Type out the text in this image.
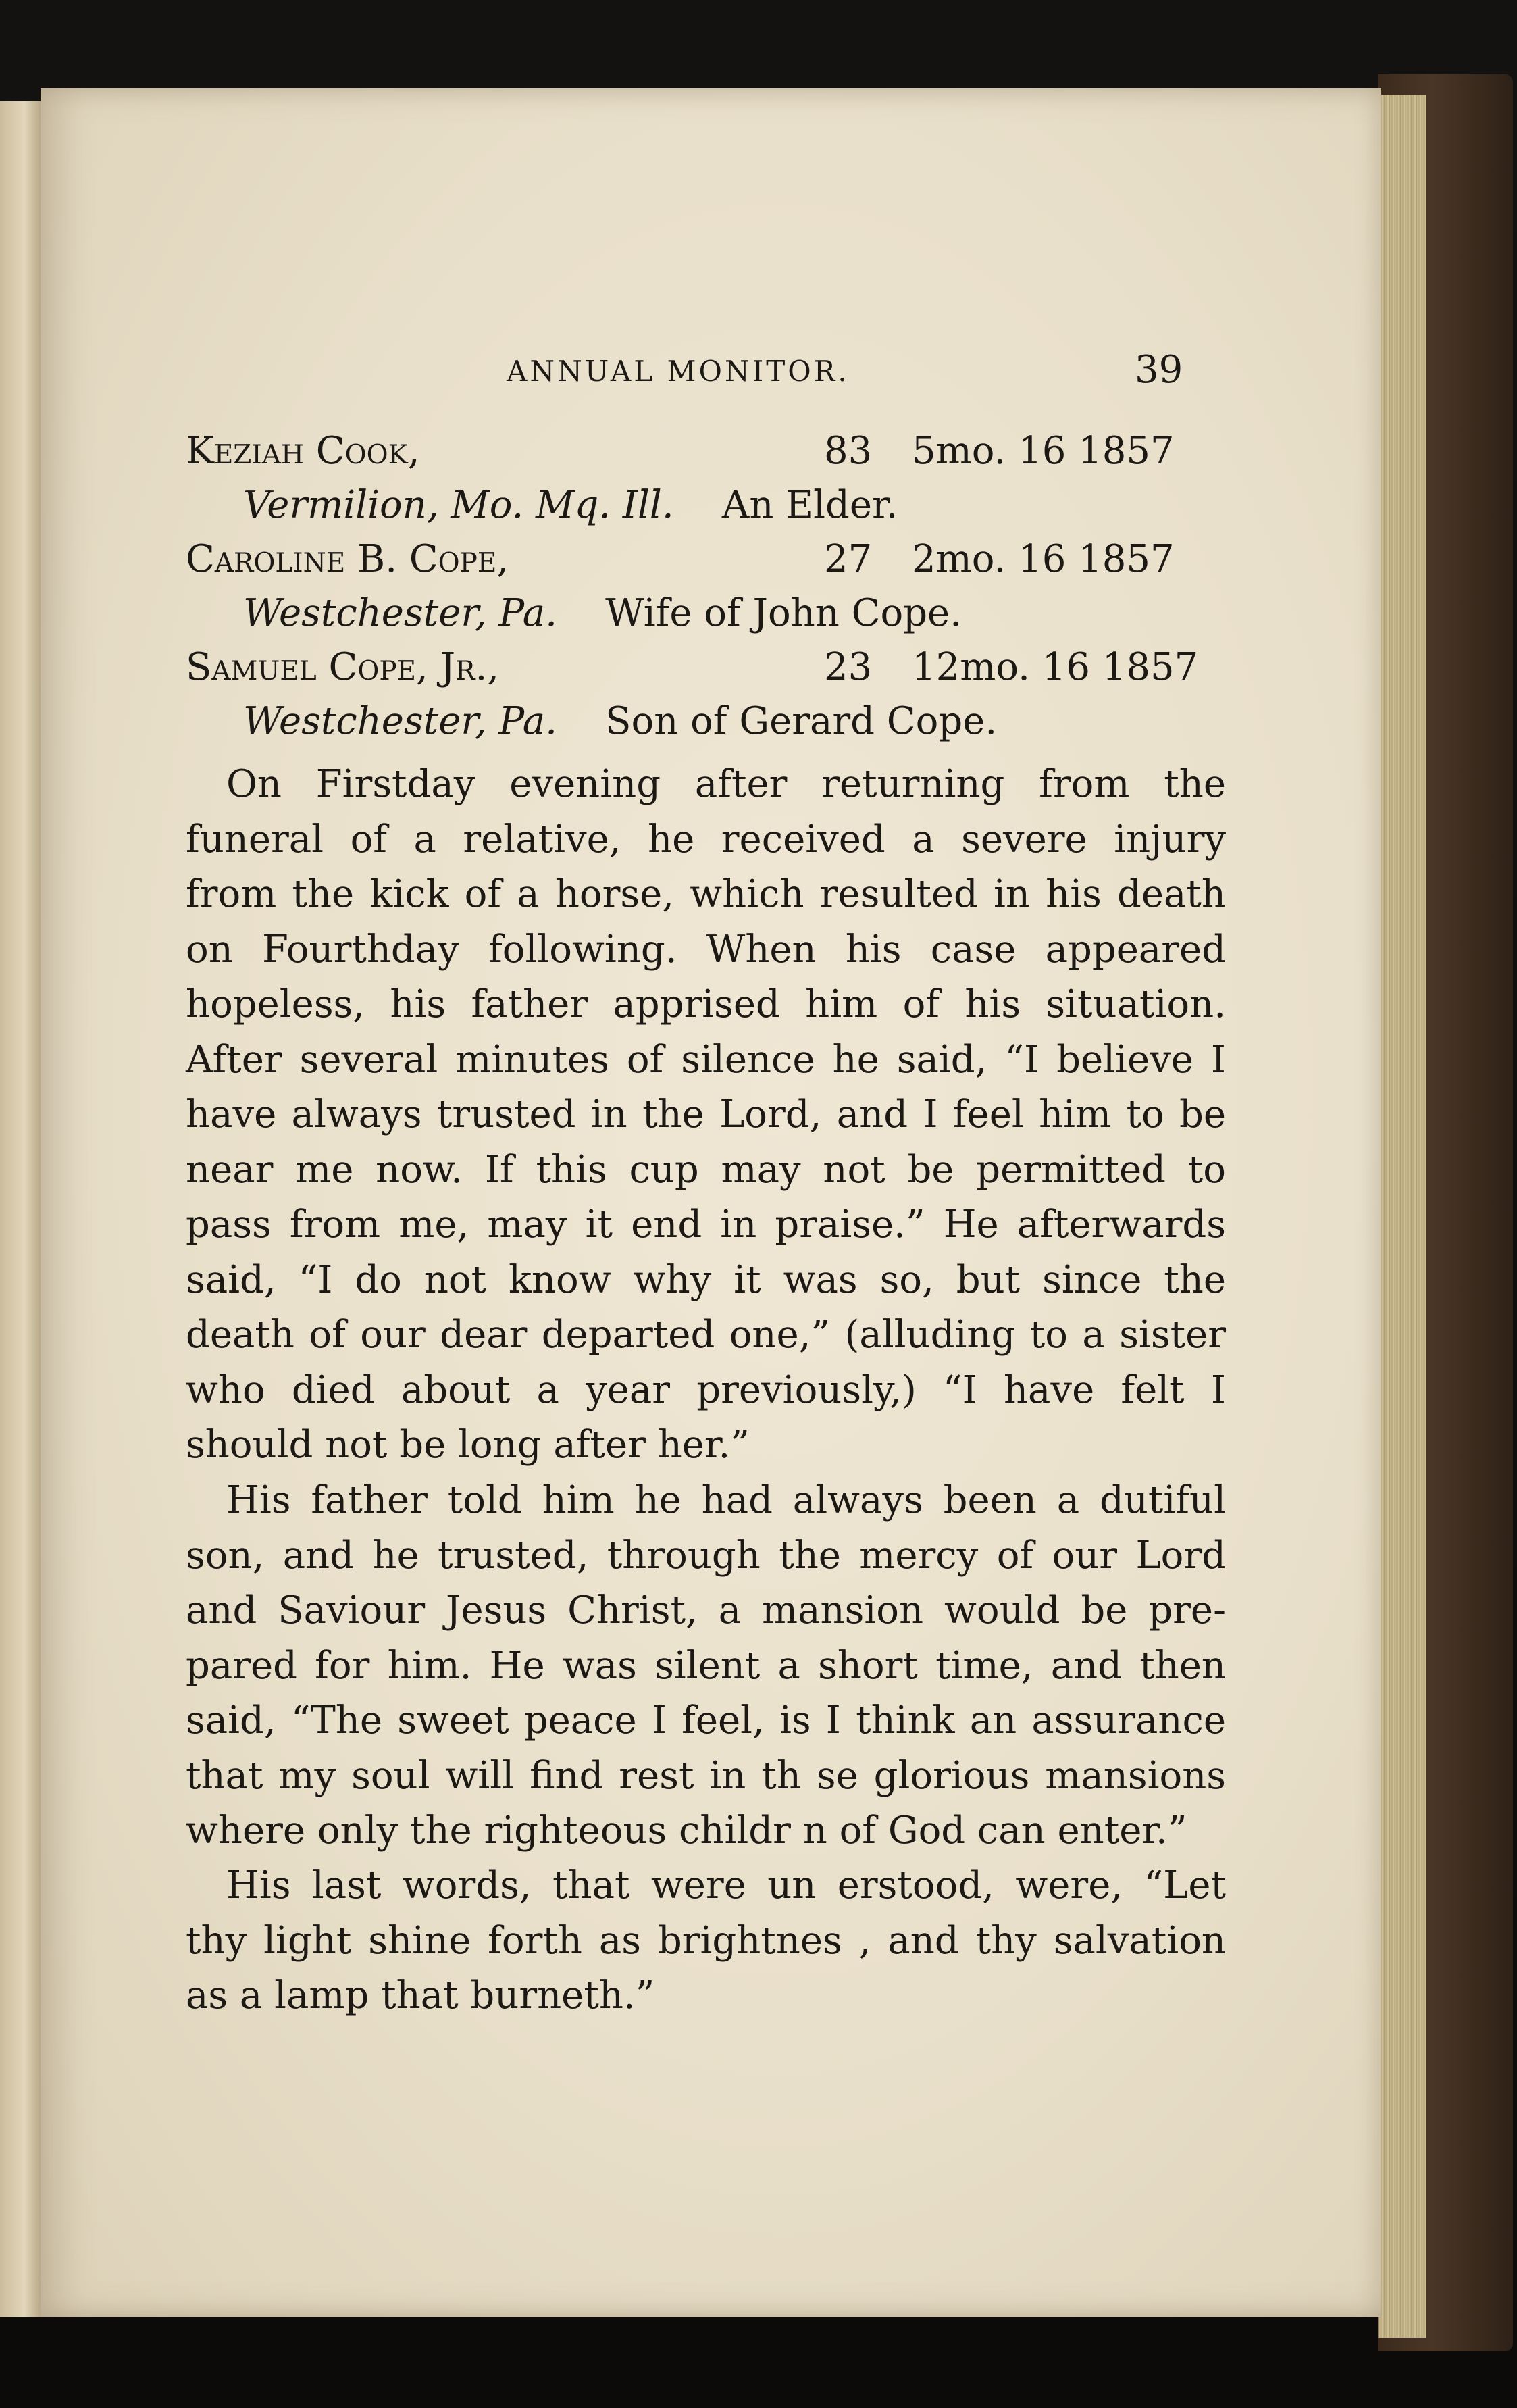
ANNUAL MONITOR.	39
Keziah Cook,	83 5mo. 16 1857
Vermilion, Mo. Mq. Ill. An Elder.
Caroline B. Cope,	27 2mo. 16 1857
Westchester, Pa. Wife of John Cope.
Samuel Cope, Jr.,	23 12mo. 16 1857
Westchester, Pa. Son of Gerard Cope.
On Firstday evening after returning from the
funeral of a relative, he received a severe injury
from the kick of a horse, which resulted in his death
on Fourthday following. When his case appeared
hopeless, his father apprised him of his situation.
After several minutes of silence he said, “I believe I
have always trusted in the Lord, and I feel him to be
near me now. If this cup may not be permitted to
pass from me, may it end in praise.” He afterwards
said, “I do not know why it was so, but since the
death of our dear departed one,” (alluding to a sister
who died about a year previously,) “I have felt I
should not be long after her.”
His father told him he had always been a dutiful
son, and he trusted, through the mercy of our Lord
and Saviour Jesus Christ, a mansion would be pre-
pared for him. He was silent a short time, and then
said, “The sweet peace I feel, is I think an assurance
that my soul will find rest in th se glorious mansions
where only the righteous childr n of God can enter.”
His last words, that were un erstood, were, “Let
thy light shine forth as brightnes , and thy salvation
as a lamp that burneth.”
